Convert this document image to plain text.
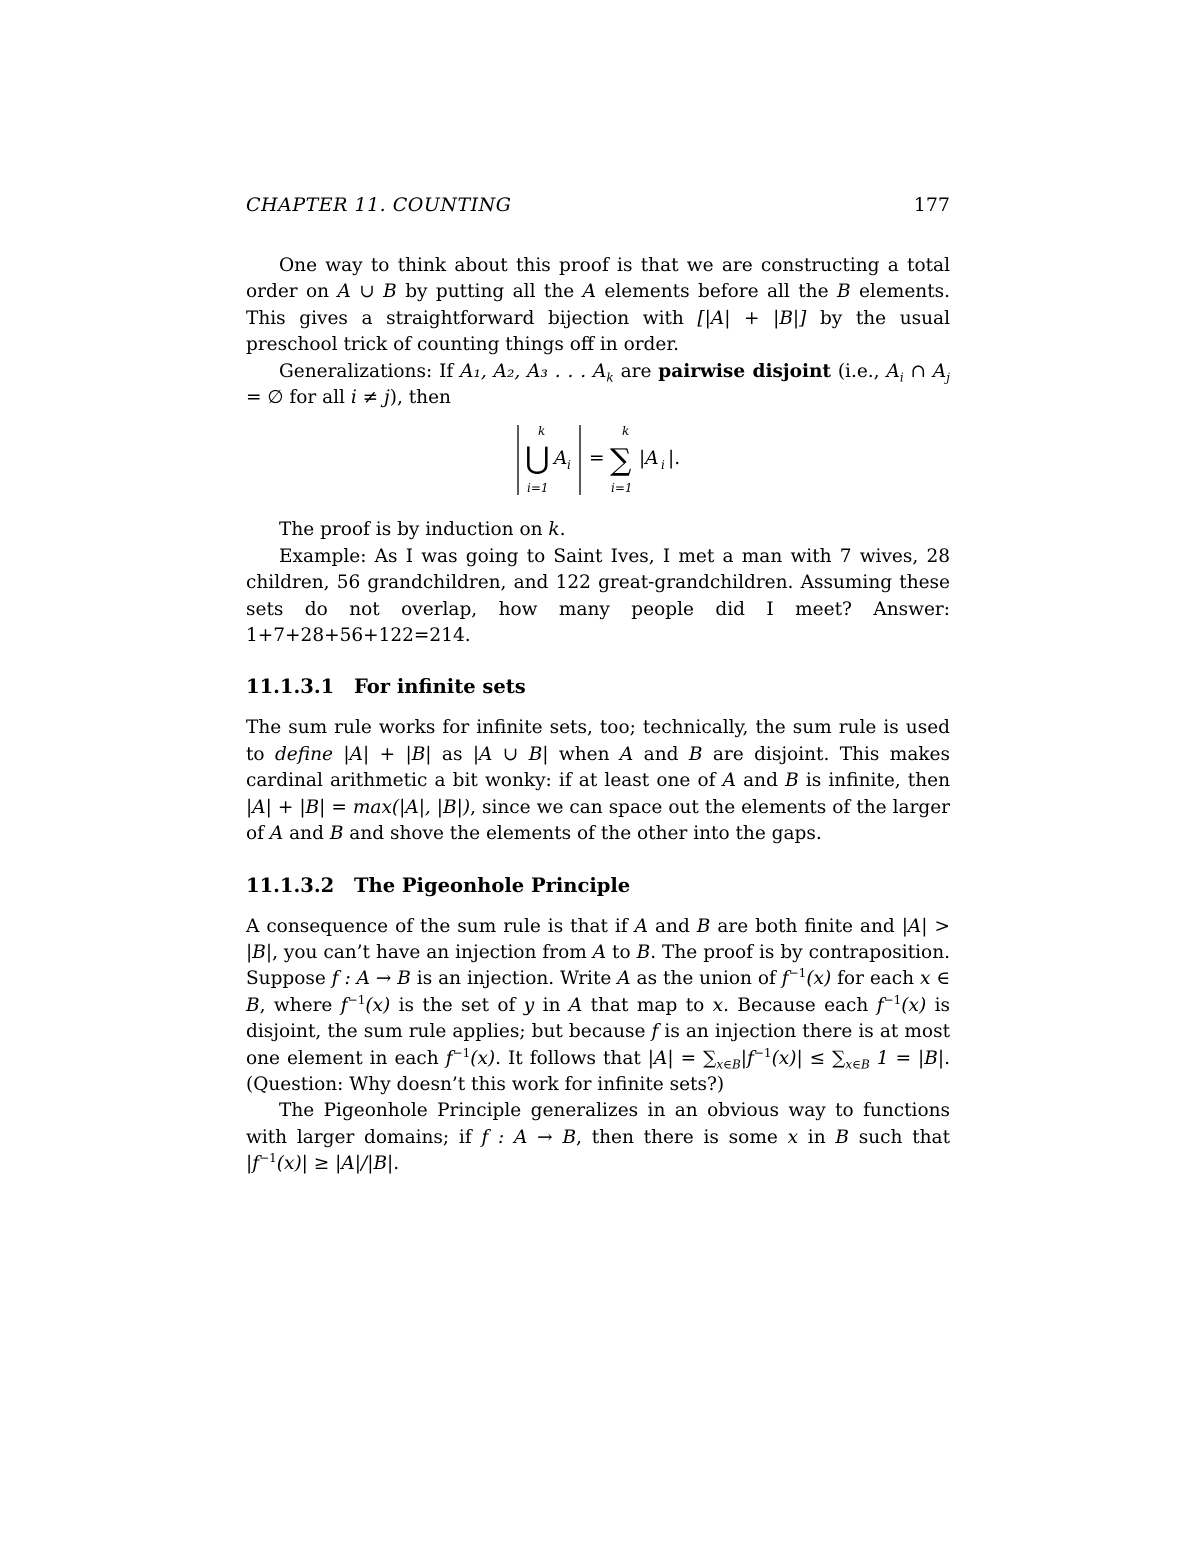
CHAPTER 11. COUNTING	177

One way to think about this proof is that we are constructing a total order on A ∪ B by putting all the A elements before all the B elements. This gives a straightforward bijection with [|A| + |B|] by the usual preschool trick of counting things off in order.

Generalizations: If A₁, A₂, A₃ . . . $A_k$ are pairwise disjoint (i.e., $A_i$ ∩ $A_j$ = ∅ for all i ≠ j), then

k
⋃
i=1
A i =
k
∑
i=1
|A i |.

The proof is by induction on k.

Example: As I was going to Saint Ives, I met a man with 7 wives, 28 children, 56 grandchildren, and 122 great-grandchildren. Assuming these sets do not overlap, how many people did I meet? Answer: 1+7+28+56+122=214.

11.1.3.1 For infinite sets

The sum rule works for infinite sets, too; technically, the sum rule is used to define |A| + |B| as |A ∪ B| when A and B are disjoint. This makes cardinal arithmetic a bit wonky: if at least one of A and B is infinite, then |A| + |B| = max(|A|, |B|), since we can space out the elements of the larger of A and B and shove the elements of the other into the gaps.

11.1.3.2 The Pigeonhole Principle

A consequence of the sum rule is that if A and B are both finite and |A| > |B|, you can’t have an injection from A to B. The proof is by contraposition. Suppose f : A → B is an injection. Write A as the union of $f^{-1}(x)$ for each x ∈ B, where $f^{-1}(x)$ is the set of y in A that map to x. Because each $f^{-1}(x)$ is disjoint, the sum rule applies; but because f is an injection there is at most one element in each $f^{-1}(x)$. It follows that $|A| = \sum_{x\in B}|f^{-1}(x)| \le \sum_{x\in B}$ 1 = |B|. (Question: Why doesn’t this work for infinite sets?)

The Pigeonhole Principle generalizes in an obvious way to functions with larger domains; if f : A → B, then there is some x in B such that $|f^{-1}(x)| \ge |A|/|B|$.
